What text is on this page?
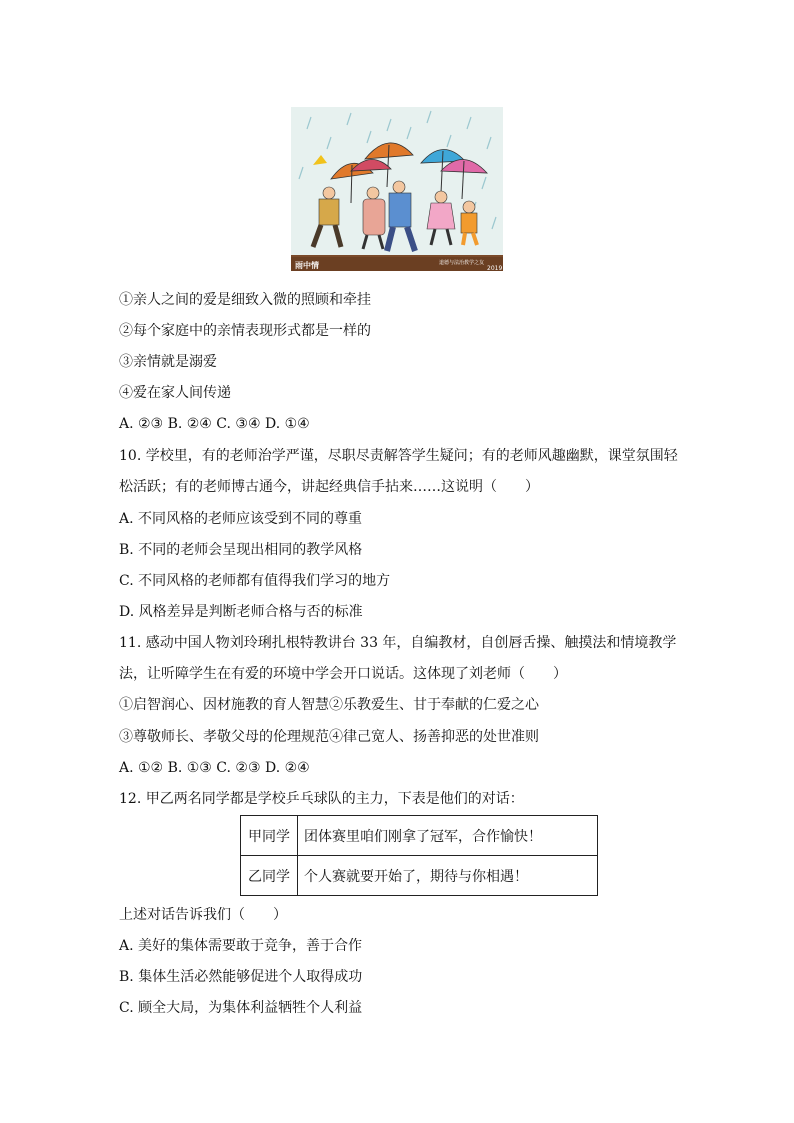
雨中情	道德与法治教学之友
2019
①亲人之间的爱是细致入微的照顾和牵挂
②每个家庭中的亲情表现形式都是一样的
③亲情就是溺爱
④爱在家人间传递
A. ②③ B. ②④ C. ③④ D. ①④
10. 学校里，有的老师治学严谨，尽职尽责解答学生疑问；有的老师风趣幽默，课堂氛围轻
松活跃；有的老师博古通今，讲起经典信手拈来……这说明（　　）
A. 不同风格的老师应该受到不同的尊重
B. 不同的老师会呈现出相同的教学风格
C. 不同风格的老师都有值得我们学习的地方
D. 风格差异是判断老师合格与否的标准
11. 感动中国人物刘玲琍扎根特教讲台 33 年，自编教材，自创唇舌操、触摸法和情境教学
法，让听障学生在有爱的环境中学会开口说话。这体现了刘老师（　　）
①启智润心、因材施教的育人智慧②乐教爱生、甘于奉献的仁爱之心
③尊敬师长、孝敬父母的伦理规范④律己宽人、扬善抑恶的处世准则
A. ①② B. ①③ C. ②③ D. ②④
12. 甲乙两名同学都是学校乒乓球队的主力，下表是他们的对话：
甲同学	团体赛里咱们刚拿了冠军，合作愉快！
乙同学	个人赛就要开始了，期待与你相遇！
上述对话告诉我们（　　）
A. 美好的集体需要敢于竞争，善于合作
B. 集体生活必然能够促进个人取得成功
C. 顾全大局，为集体利益牺牲个人利益
